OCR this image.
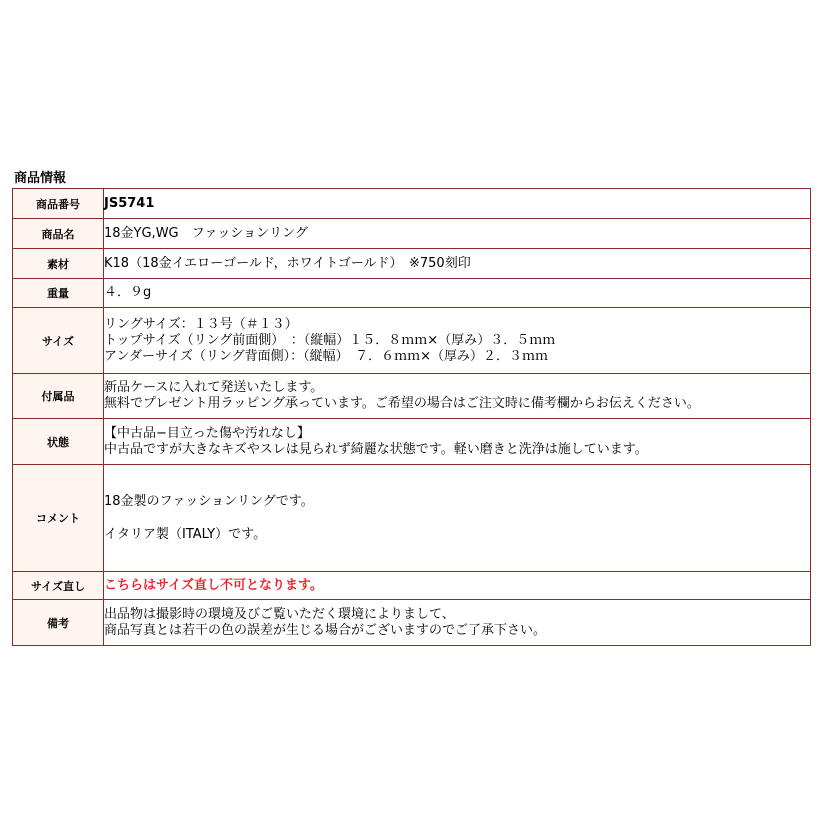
商品情報
商品番号	JS5741

商品名	18金YG,WG　ファッションリング

素材	K18（18金イエローゴールド，ホワイトゴールド）　※750刻印

重量	４．９g

サイズ	リングサイズ：１３号（＃１３）
トップサイズ（リング前面側）　：（縦幅）１５．８ｍｍ×（厚み）３．５ｍｍ
アンダーサイズ（リング背面側）：（縦幅）　７．６ｍｍ×（厚み）２．３ｍｍ

付属品	新品ケースに入れて発送いたします。
無料でプレゼント用ラッピング承っています。ご希望の場合はご注文時に備考欄からお伝えください。

状態	【中古品−目立った傷や汚れなし】
中古品ですが大きなキズやスレは見られず綺麗な状態です。軽い磨きと洗浄は施しています。

コメント	18金製のファッションリングです。
イタリア製（ITALY）です。

サイズ直し	こちらはサイズ直し不可となります。

備考	出品物は撮影時の環境及びご覧いただく環境によりまして、
商品写真とは若干の色の誤差が生じる場合がございますのでご了承下さい。
